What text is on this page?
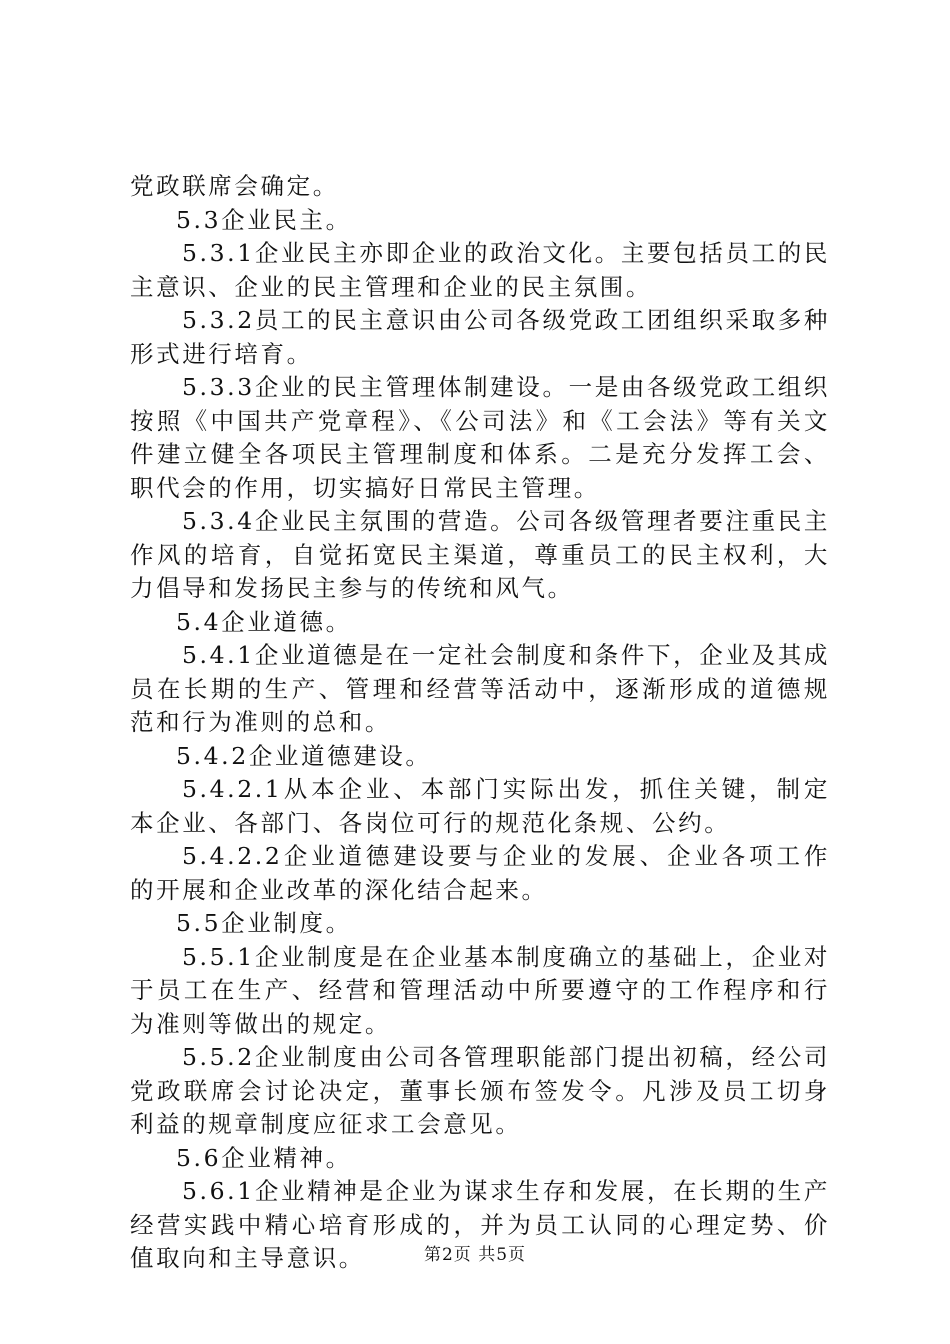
党政联席会确定。

5.3企业民主。

5.3.1企业民主亦即企业的政治文化。主要包括员工的民主意识、企业的民主管理和企业的民主氛围。

5.3.2员工的民主意识由公司各级党政工团组织采取多种形式进行培育。

5.3.3企业的民主管理体制建设。一是由各级党政工组织按照《中国共产党章程》、《公司法》和《工会法》等有关文件建立健全各项民主管理制度和体系。二是充分发挥工会、职代会的作用，切实搞好日常民主管理。

5.3.4企业民主氛围的营造。公司各级管理者要注重民主作风的培育，自觉拓宽民主渠道，尊重员工的民主权利，大力倡导和发扬民主参与的传统和风气。

5.4企业道德。

5.4.1企业道德是在一定社会制度和条件下，企业及其成员在长期的生产、管理和经营等活动中，逐渐形成的道德规范和行为准则的总和。

5.4.2企业道德建设。

5.4.2.1从本企业、本部门实际出发，抓住关键，制定本企业、各部门、各岗位可行的规范化条规、公约。

5.4.2.2企业道德建设要与企业的发展、企业各项工作的开展和企业改革的深化结合起来。

5.5企业制度。

5.5.1企业制度是在企业基本制度确立的基础上，企业对于员工在生产、经营和管理活动中所要遵守的工作程序和行为准则等做出的规定。

5.5.2企业制度由公司各管理职能部门提出初稿，经公司党政联席会讨论决定，董事长颁布签发令。凡涉及员工切身利益的规章制度应征求工会意见。

5.6企业精神。

5.6.1企业精神是企业为谋求生存和发展，在长期的生产经营实践中精心培育形成的，并为员工认同的心理定势、价值取向和主导意识。	第2页 共5页
